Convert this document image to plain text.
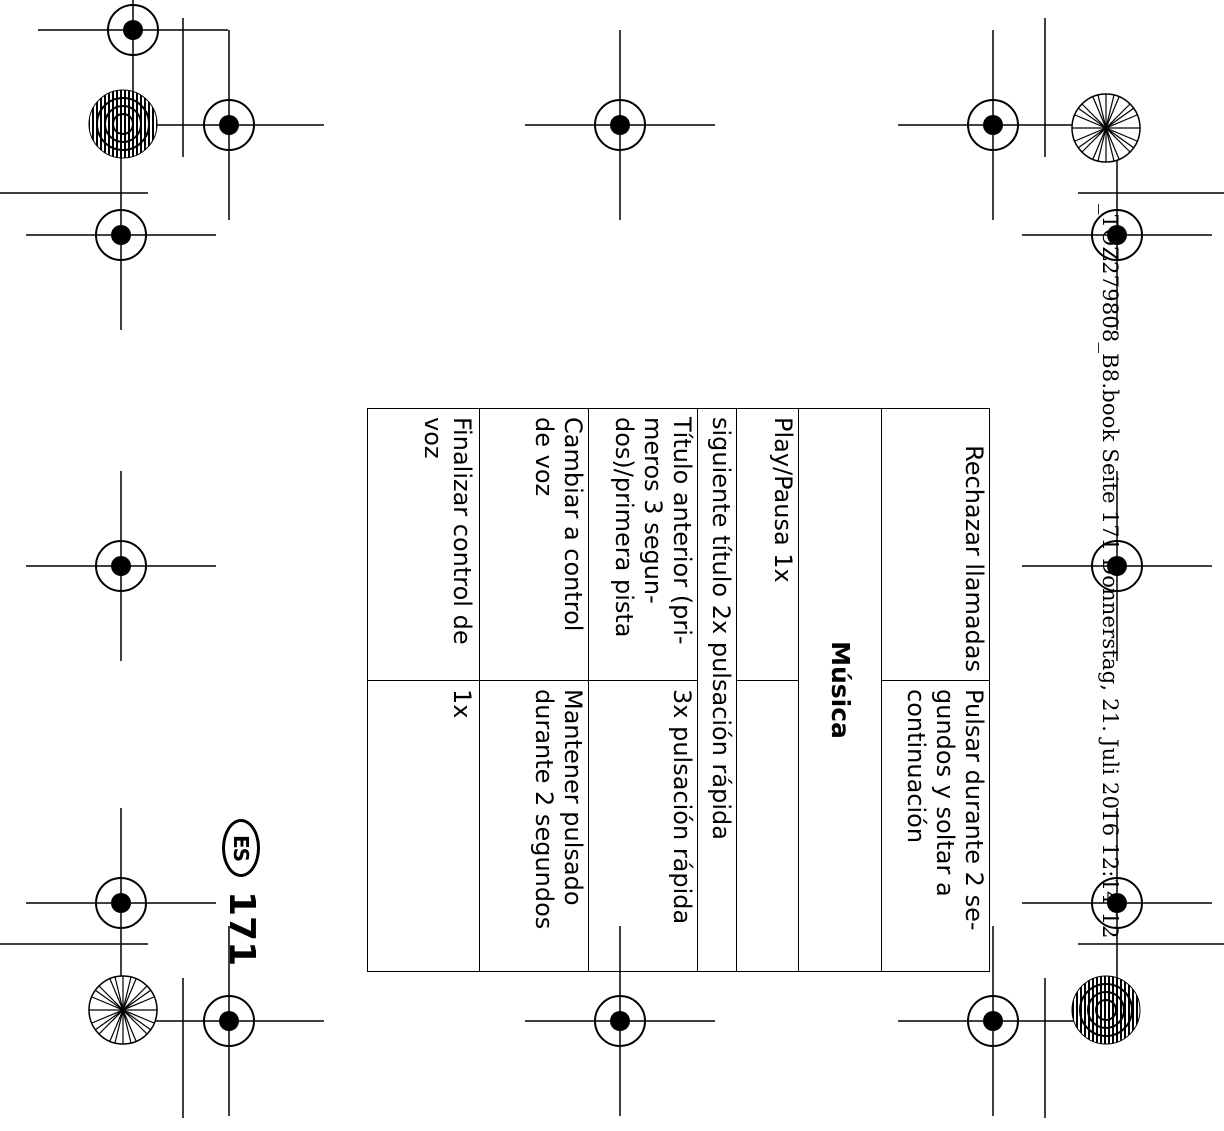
_TOZ279808_B8.book Seite 171 Donnerstag, 21. Juli 2016 12:14 12
Rechazar llamadas	Pulsar durante 2 se-
gundos y soltar a
continuación
Música	
Play/Pausa 1x	
siguiente título 2x pulsación rápida	
Título anterior (pri-
meros 3 segun-
dos)/primera pista	3x pulsación rápida
Cambiar a control
de voz	Mantener pulsado
durante 2 segundos
Finalizar control de
voz	1x
ES
171
